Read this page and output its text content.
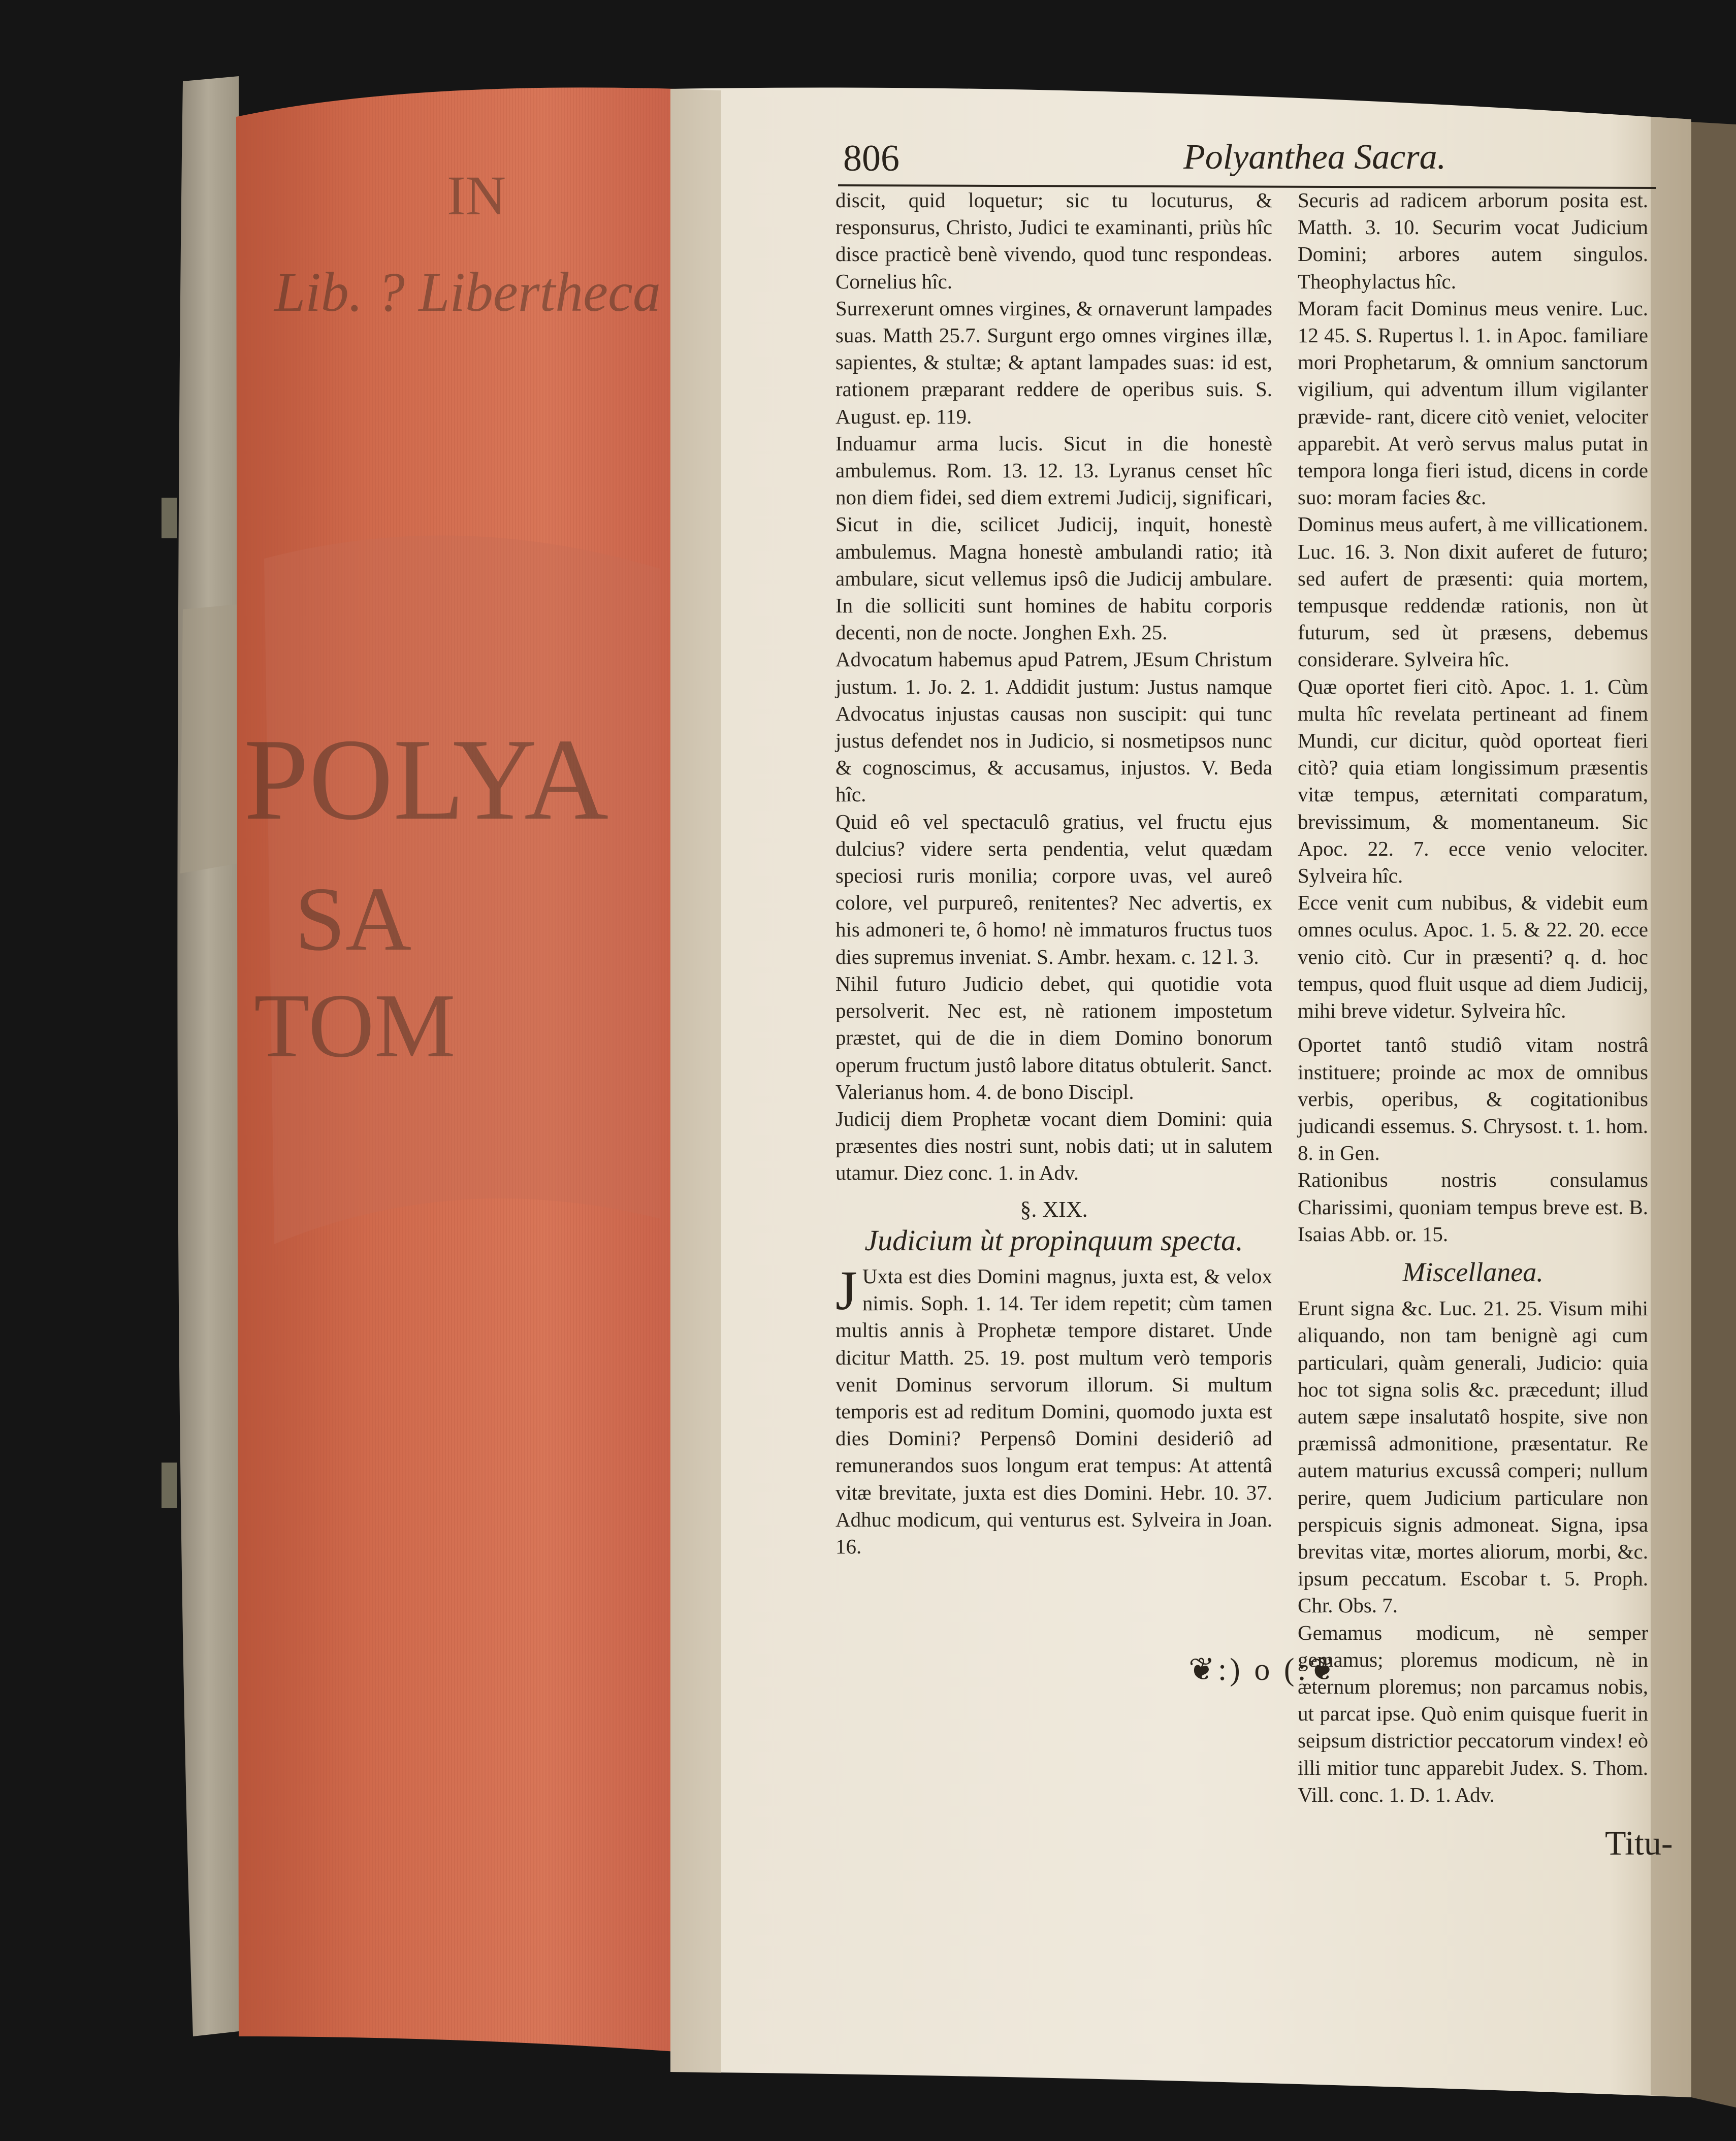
IN
Lib. ? Libertheca
POLYA
SA
TOM
806	Polyanthea Sacra.

discit, quid loquetur; sic tu locuturus, & responsurus, Christo, Judici te examinanti, priùs hîc disce practicè benè vivendo, quod tunc respondeas. Cornelius hîc.

Surrexerunt omnes virgines, & ornaverunt lampades suas. Matth 25.7. Surgunt ergo omnes virgines illæ, sapientes, & stultæ; & aptant lampades suas: id est, rationem præparant reddere de operibus suis. S. August. ep. 119.

Induamur arma lucis. Sicut in die honestè ambulemus. Rom. 13. 12. 13. Lyranus censet hîc non diem fidei, sed diem extremi Judicij, significari, Sicut in die, scilicet Judicij, inquit, honestè ambulemus. Magna honestè ambulandi ratio; ità ambulare, sicut vellemus ipsô die Judicij ambulare. In die solliciti sunt homines de habitu corporis decenti, non de nocte. Jonghen Exh. 25.

Advocatum habemus apud Patrem, JEsum Christum justum. 1. Jo. 2. 1. Addidit justum: Justus namque Advocatus injustas causas non suscipit: qui tunc justus defendet nos in Judicio, si nosmetipsos nunc & cognoscimus, & accusamus, injustos. V. Beda hîc.

Quid eô vel spectaculô gratius, vel fructu ejus dulcius? videre serta pendentia, velut quædam speciosi ruris monilia; corpore uvas, vel aureô colore, vel purpureô, renitentes? Nec advertis, ex his admoneri te, ô homo! nè immaturos fructus tuos dies supremus inveniat. S. Ambr. hexam. c. 12 l. 3.

Nihil futuro Judicio debet, qui quotidie vota persolverit. Nec est, nè rationem impostetum præstet, qui de die in diem Domino bonorum operum fructum justô labore ditatus obtulerit. Sanct. Valerianus hom. 4. de bono Discipl.

Judicij diem Prophetæ vocant diem Domini: quia præsentes dies nostri sunt, nobis dati; ut in salutem utamur. Diez conc. 1. in Adv.

§. XIX.
Judicium ùt propinquum specta.

J Uxta est dies Domini magnus, juxta est, & velox nimis. Soph. 1. 14. Ter idem repetit; cùm tamen multis annis à Prophetæ tempore distaret. Unde dicitur Matth. 25. 19. post multum verò temporis venit Dominus servorum illorum. Si multum temporis est ad reditum Domini, quomodo juxta est dies Domini? Perpensô Domini desideriô ad remunerandos suos longum erat tempus: At attentâ vitæ brevitate, juxta est dies Domini. Hebr. 10. 37. Adhuc modicum, qui venturus est. Sylveira in Joan. 16.

Securis ad radicem arborum posita est. Matth. 3. 10. Securim vocat Judicium Domini; arbores autem singulos. Theophylactus hîc.

Moram facit Dominus meus venire. Luc. 12 45. S. Rupertus l. 1. in Apoc. familiare mori Prophetarum, & omnium sanctorum vigilium, qui adventum illum vigilanter prævide- rant, dicere citò veniet, velociter apparebit. At verò servus malus putat in tempora longa fieri istud, dicens in corde suo: moram facies &c.

Dominus meus aufert, à me villicationem. Luc. 16. 3. Non dixit auferet de futuro; sed aufert de præsenti: quia mortem, tempusque reddendæ rationis, non ùt futurum, sed ùt præsens, debemus considerare. Sylveira hîc.

Quæ oportet fieri citò. Apoc. 1. 1. Cùm multa hîc revelata pertineant ad finem Mundi, cur dicitur, quòd oporteat fieri citò? quia etiam longissimum præsentis vitæ tempus, æternitati comparatum, brevissimum, & momentaneum. Sic Apoc. 22. 7. ecce venio velociter. Sylveira hîc.

Ecce venit cum nubibus, & videbit eum omnes oculus. Apoc. 1. 5. & 22. 20. ecce venio citò. Cur in præsenti? q. d. hoc tempus, quod fluit usque ad diem Judicij, mihi breve videtur. Sylveira hîc.

Oportet tantô studiô vitam nostrâ instituere; proinde ac mox de omnibus verbis, operibus, & cogitationibus judicandi essemus. S. Chrysost. t. 1. hom. 8. in Gen.

Rationibus nostris consulamus Charissimi, quoniam tempus breve est. B. Isaias Abb. or. 15.

Miscellanea.

Erunt signa &c. Luc. 21. 25. Visum mihi aliquando, non tam benignè agi cum particulari, quàm generali, Judicio: quia hoc tot signa solis &c. præcedunt; illud autem sæpe insalutatô hospite, sive non præmissâ admonitione, præsentatur. Re autem maturius excussâ comperi; nullum perire, quem Judicium particulare non perspicuis signis admoneat. Signa, ipsa brevitas vitæ, mortes aliorum, morbi, &c. ipsum peccatum. Escobar t. 5. Proph. Chr. Obs. 7.

Gemamus modicum, nè semper gemamus; ploremus modicum, nè in æternum ploremus; non parcamus nobis, ut parcat ipse. Quò enim quisque fuerit in seipsum districtior peccatorum vindex! eò illi mitior tunc apparebit Judex. S. Thom. Vill. conc. 1. D. 1. Adv.

❦:) o (:❦
Titu-
